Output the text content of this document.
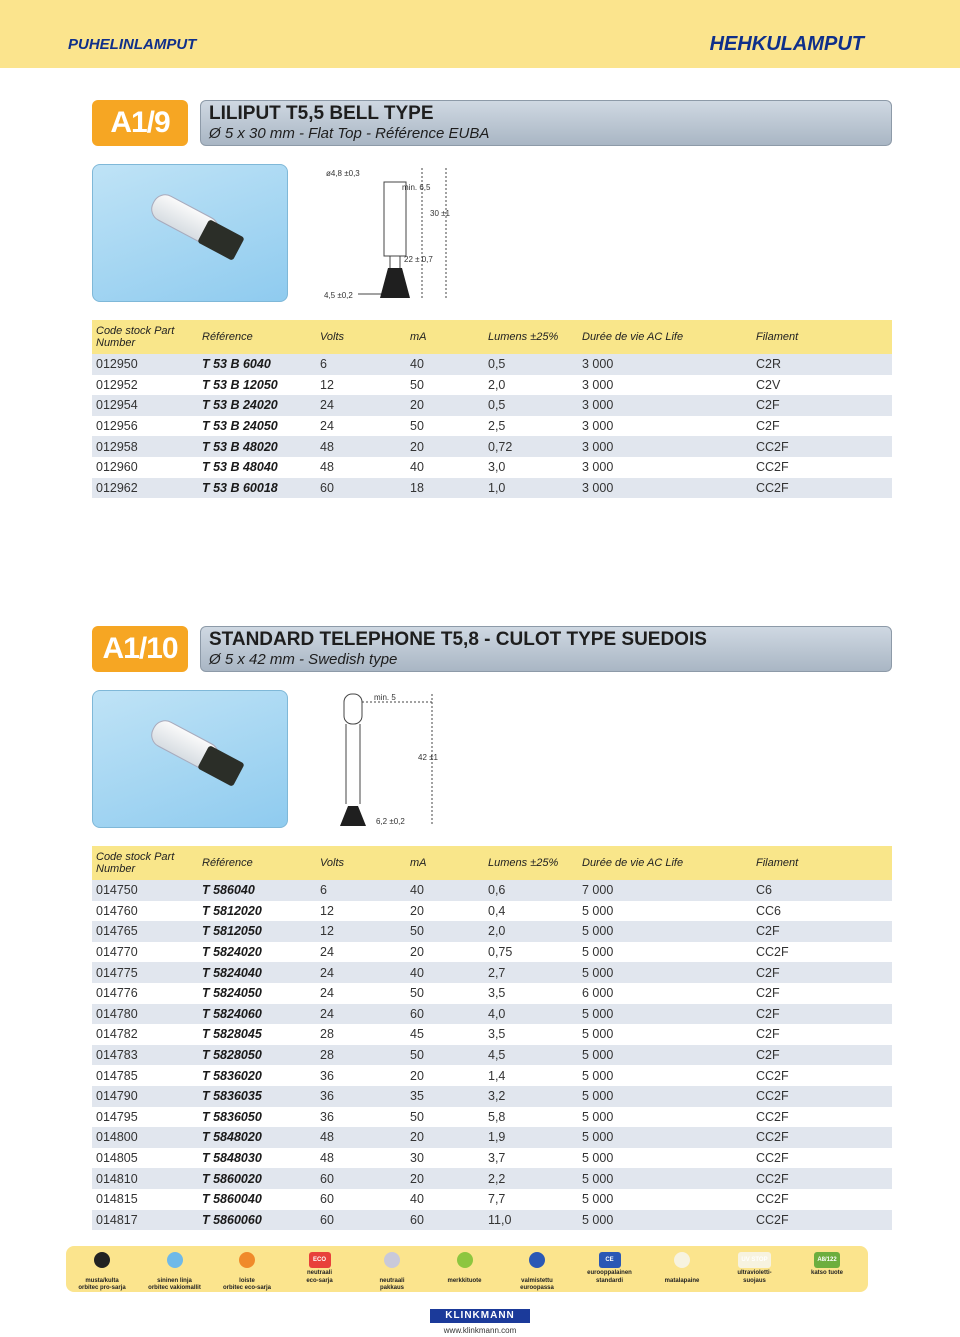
PUHELINLAMPUT	HEHKULAMPUT
A1/9	LILIPUT T5,5 BELL TYPE
Ø 5 x 30 mm - Flat Top - Référence EUBA
ø4,8 ±0,3
min. 6,5
30 ±1
22 ± 0,7
4,5 ±0,2
Code stock Part Number	Référence	Volts	mA	Lumens ±25%	Durée de vie AC Life	Filament
012950	T 53 B 6040	6	40	0,5	3 000	C2R
012952	T 53 B 12050	12	50	2,0	3 000	C2V
012954	T 53 B 24020	24	20	0,5	3 000	C2F
012956	T 53 B 24050	24	50	2,5	3 000	C2F
012958	T 53 B 48020	48	20	0,72	3 000	CC2F
012960	T 53 B 48040	48	40	3,0	3 000	CC2F
012962	T 53 B 60018	60	18	1,0	3 000	CC2F
A1/10	STANDARD TELEPHONE T5,8 - CULOT TYPE SUEDOIS
Ø 5 x 42 mm - Swedish type
min. 5
42 ±1
6,2 ±0,2
Code stock Part Number	Référence	Volts	mA	Lumens ±25%	Durée de vie AC Life	Filament
014750	T 586040	6	40	0,6	7 000	C6
014760	T 5812020	12	20	0,4	5 000	CC6
014765	T 5812050	12	50	2,0	5 000	C2F
014770	T 5824020	24	20	0,75	5 000	CC2F
014775	T 5824040	24	40	2,7	5 000	C2F
014776	T 5824050	24	50	3,5	6 000	C2F
014780	T 5824060	24	60	4,0	5 000	C2F
014782	T 5828045	28	45	3,5	5 000	C2F
014783	T 5828050	28	50	4,5	5 000	C2F
014785	T 5836020	36	20	1,4	5 000	CC2F
014790	T 5836035	36	35	3,2	5 000	CC2F
014795	T 5836050	36	50	5,8	5 000	CC2F
014800	T 5848020	48	20	1,9	5 000	CC2F
014805	T 5848030	48	30	3,7	5 000	CC2F
014810	T 5860020	60	20	2,2	5 000	CC2F
014815	T 5860040	60	40	7,7	5 000	CC2F
014817	T 5860060	60	60	11,0	5 000	CC2F

musta/kulta
orbitec pro-sarja

sininen linja
orbitec vakiomallit

loiste
orbitec eco-sarja
ECO
neutraali
eco-sarja	neutraali
pakkaus

merkkituote	valmistettu
euroopassa
CE
eurooppalainen
standardi	matalapaine

UV STOP
ultravioletti-
suojaus
A8/122
katso tuote

KLINKMANN
www.klinkmann.com
